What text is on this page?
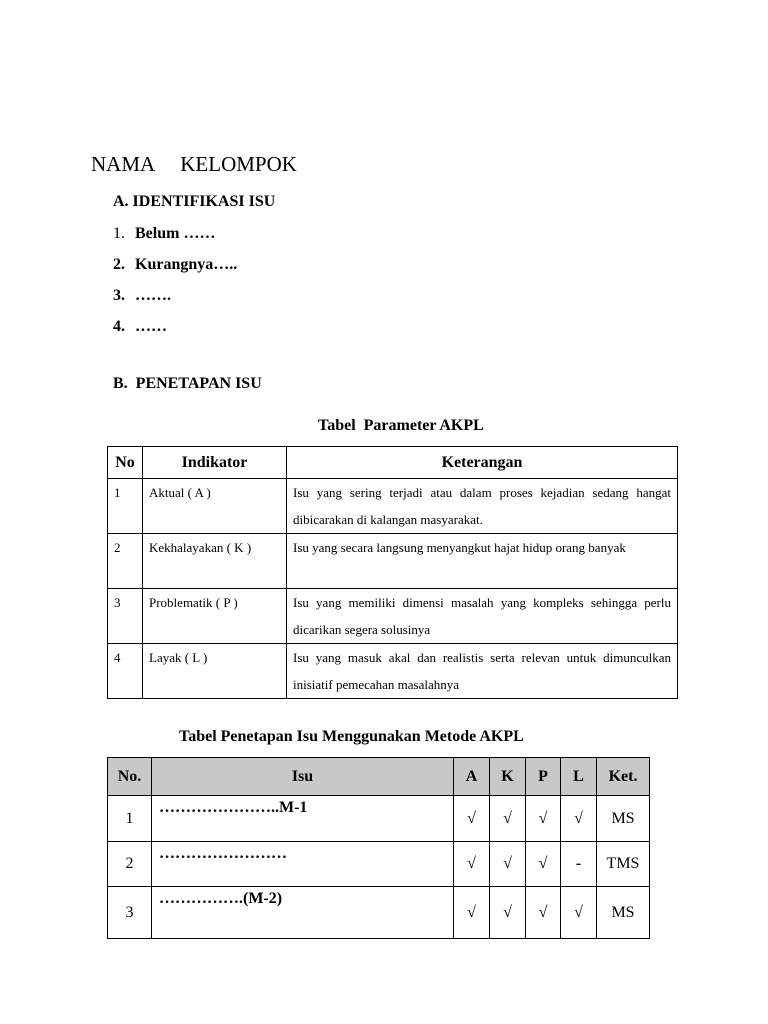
NAMA     KELOMPOK
A. IDENTIFIKASI ISU
1. Belum ……
2. Kurangnya…..
3. …….
4. ……
B.  PENETAPAN ISU
Tabel  Parameter AKPL
No	Indikator	Keterangan
1	Aktual ( A )	Isu yang sering terjadi atau dalam proses kejadian sedang hangat dibicarakan di kalangan masyarakat.
2	Kekhalayakan ( K )	Isu yang secara langsung menyangkut hajat hidup orang banyak
3	Problematik ( P )	Isu yang memiliki dimensi masalah yang kompleks sehingga perlu dicarikan segera solusinya
4	Layak ( L )	Isu yang masuk akal dan realistis serta relevan untuk dimunculkan inisiatif pemecahan masalahnya
Tabel Penetapan Isu Menggunakan Metode AKPL
No.	Isu	A	K	P	L	Ket.
1	…………………..M-1	√	√	√	√	MS
2	……………………	√	√	√	-	TMS
3	…………….(M-2)	√	√	√	√	MS
